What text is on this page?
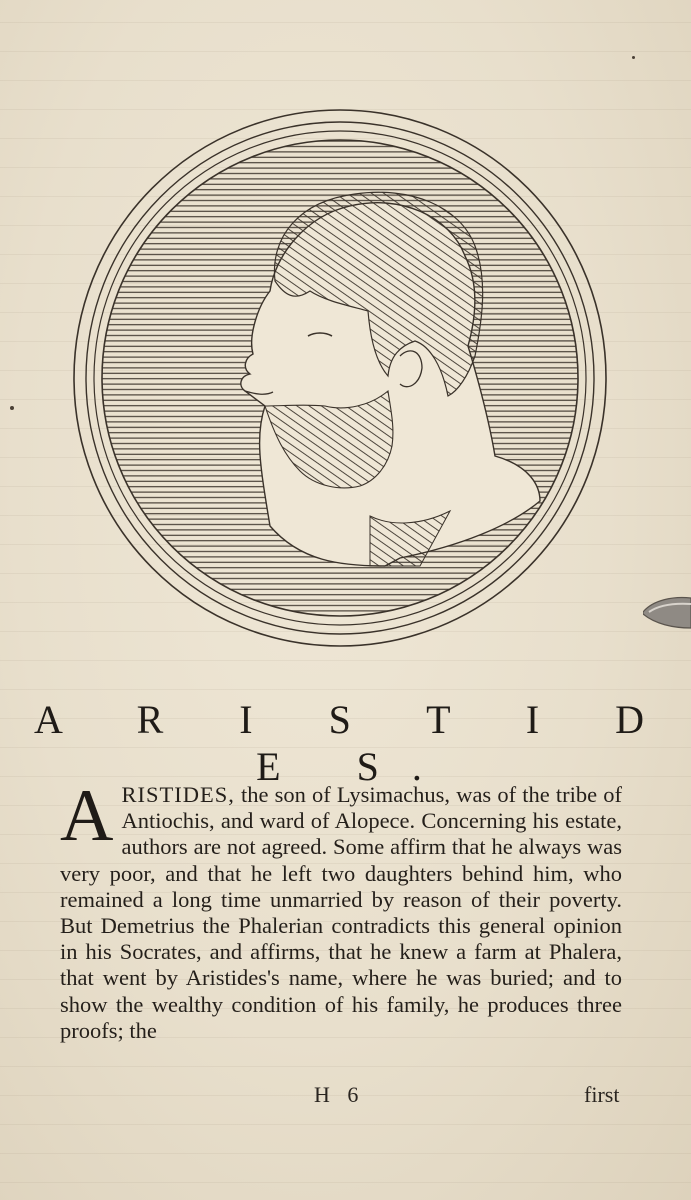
A R I S T I D E S.
ARISTIDES, the son of Lysimachus, was of the tribe of Antiochis, and ward of Alopece. Concerning his estate, authors are not agreed. Some affirm that he always was very poor, and that he left two daughters behind him, who remained a long time unmarried by reason of their poverty. But Demetrius the Phalerian contradicts this general opinion in his Socrates, and affirms, that he knew a farm at Phalera, that went by Aristides's name, where he was buried; and to show the wealthy condition of his family, he produces three proofs; the
H 6	first
